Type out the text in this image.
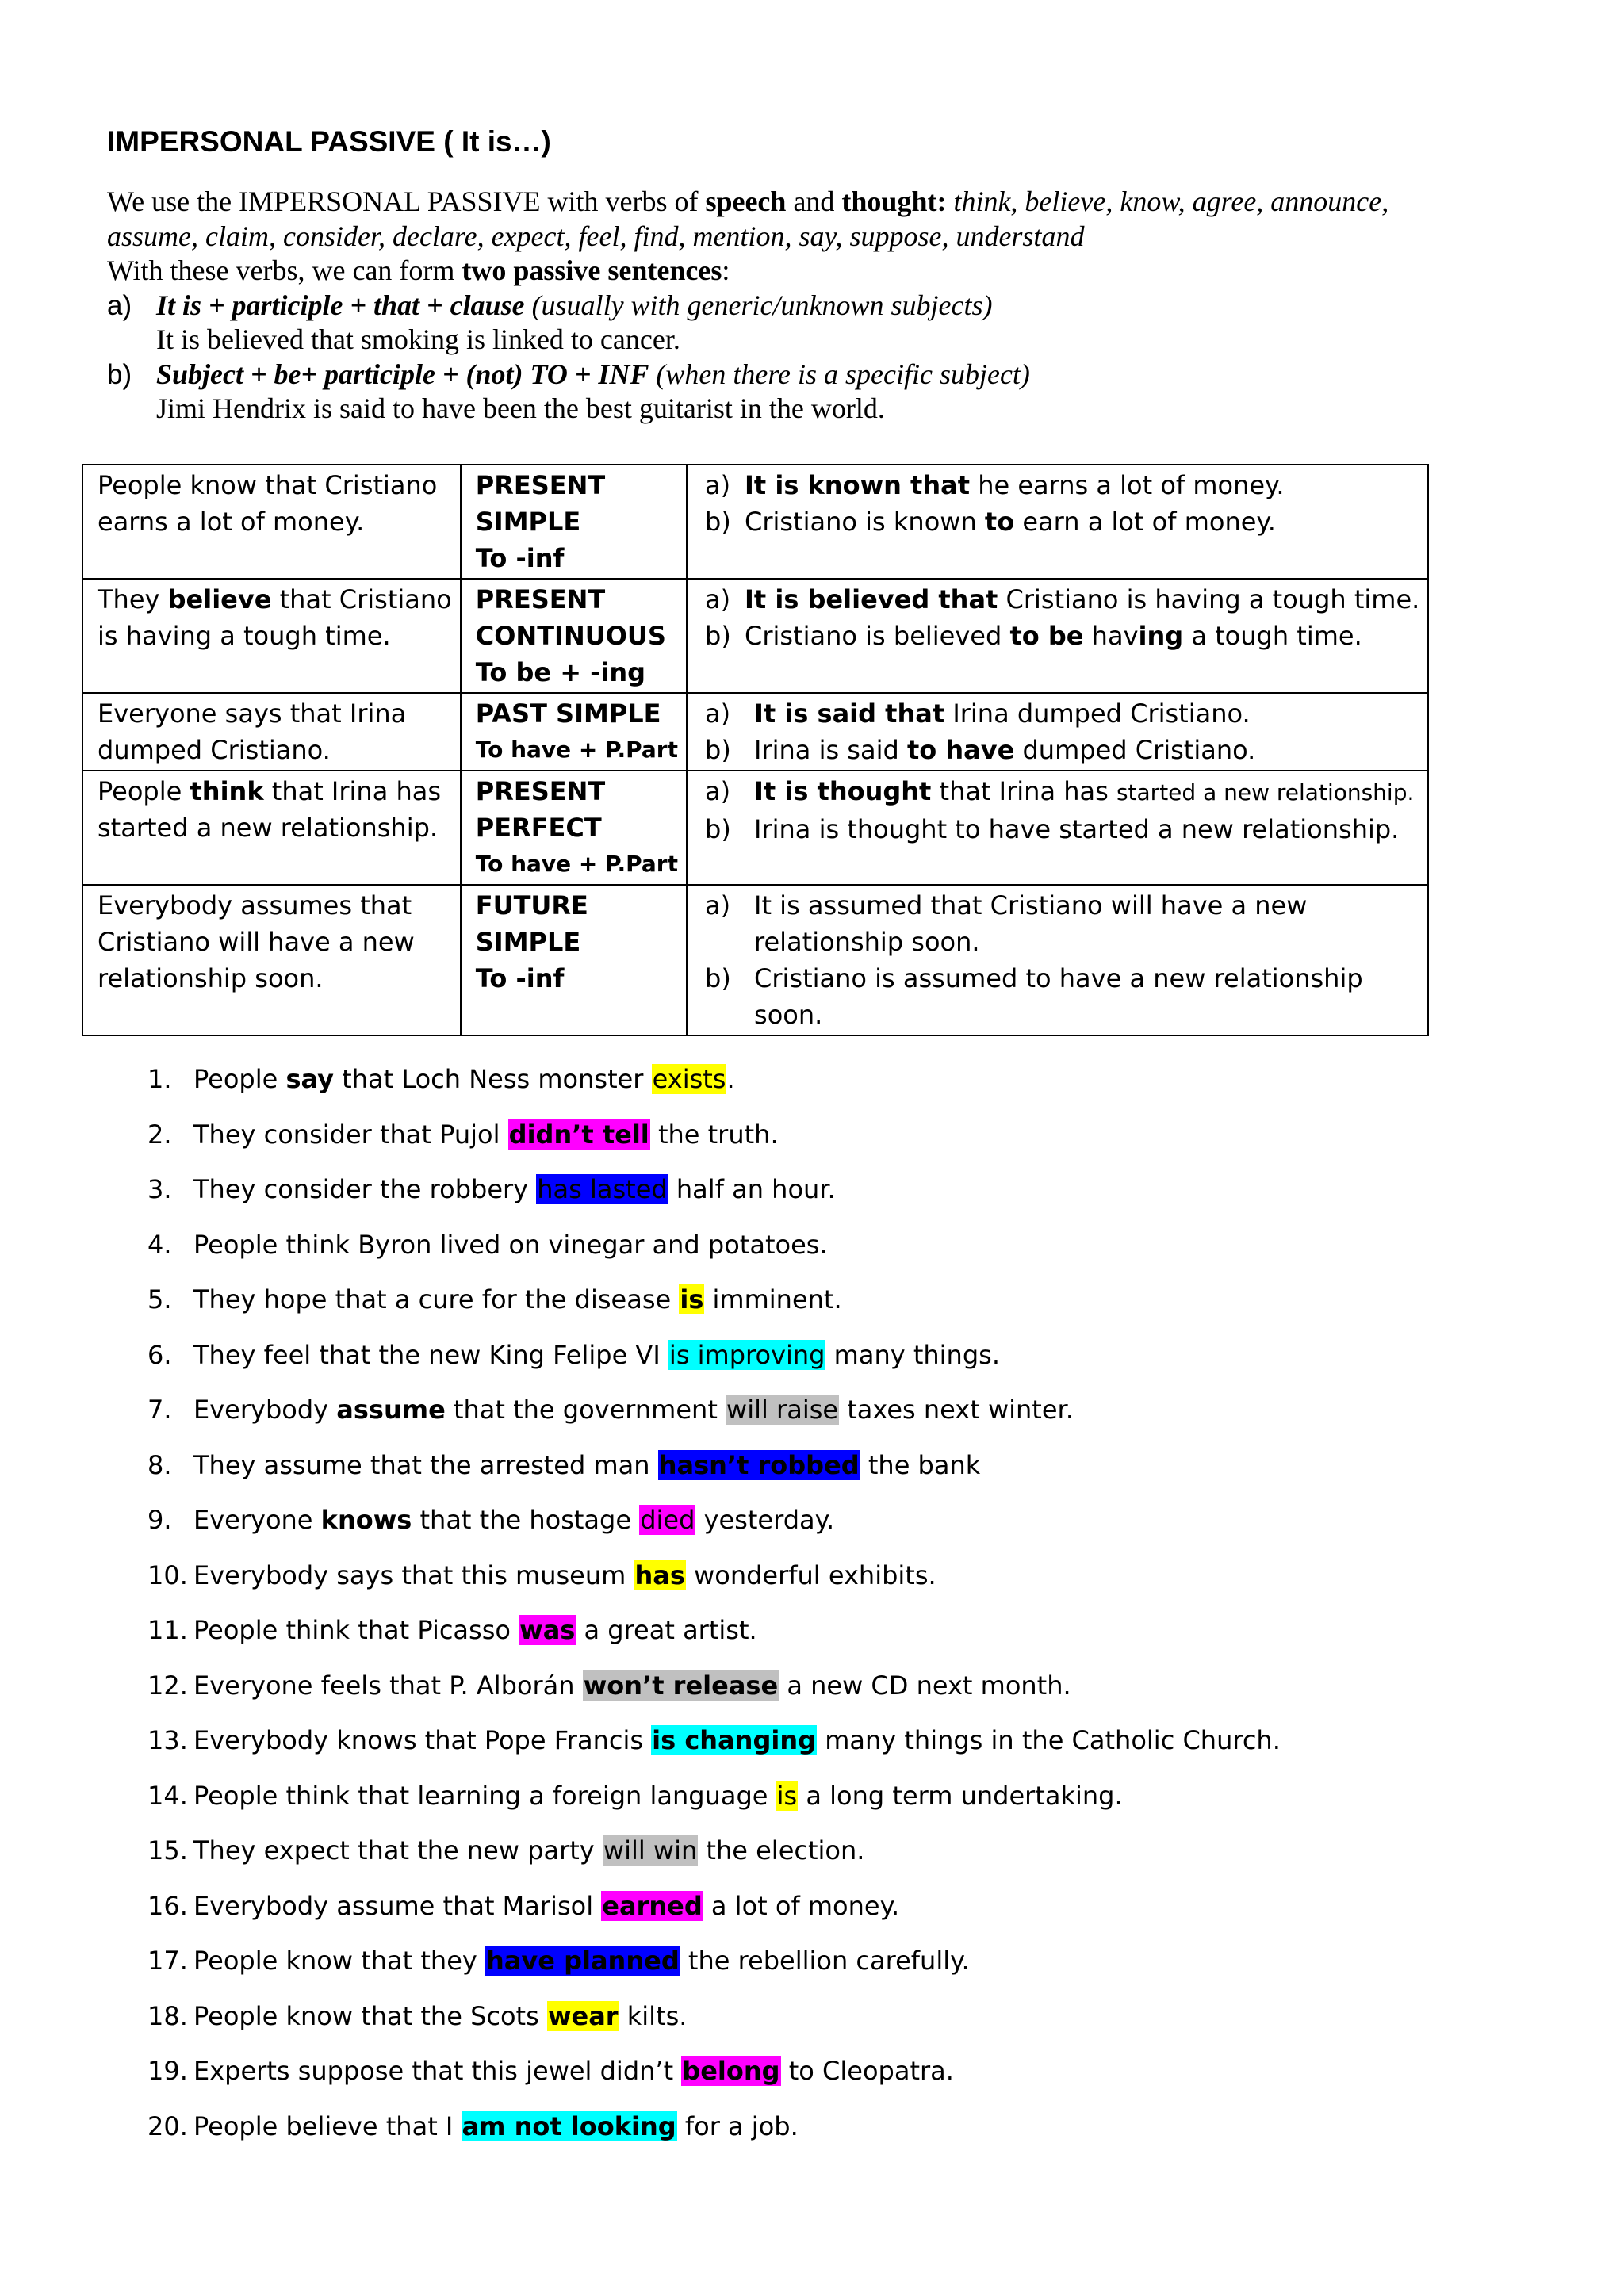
IMPERSONAL PASSIVE ( It is…)
We use the IMPERSONAL PASSIVE with verbs of speech and thought: think, believe, know, agree, announce,
assume, claim, consider, declare, expect, feel, find, mention, say, suppose, understand
With these verbs, we can form two passive sentences:
a) It is + participle + that + clause (usually with generic/unknown subjects)
It is believed that smoking is linked to cancer.
b) Subject + be+ participle + (not) TO + INF (when there is a specific subject)
Jimi Hendrix is said to have been the best guitarist in the world.
People know that Cristiano
earns a lot of money.	PRESENT
SIMPLE
To -inf	a) It is known that he earns a lot of money.
b) Cristiano is known to earn a lot of money.

They believe that Cristiano
is having a tough time.	PRESENT
CONTINUOUS
To be + -ing	a) It is believed that Cristiano is having a tough time.
b) Cristiano is believed to be having a tough time.

Everyone says that Irina
dumped Cristiano.	PAST SIMPLE
To have + P.Part	a) It is said that Irina dumped Cristiano.
b) Irina is said to have dumped Cristiano.

People think that Irina has
started a new relationship.	PRESENT
PERFECT
To have + P.Part	a) It is thought that Irina has started a new relationship.
b) Irina is thought to have started a new relationship.

Everybody assumes that
Cristiano will have a new
relationship soon.	FUTURE
SIMPLE
To -inf	a) It is assumed that Cristiano will have a new
relationship soon.
b) Cristiano is assumed to have a new relationship
soon.
1. People say that Loch Ness monster exists.
2. They consider that Pujol didn’t tell the truth.
3. They consider the robbery has lasted half an hour.
4. People think Byron lived on vinegar and potatoes.
5. They hope that a cure for the disease is imminent.
6. They feel that the new King Felipe VI is improving many things.
7. Everybody assume that the government will raise taxes next winter.
8. They assume that the arrested man hasn’t robbed the bank
9. Everyone knows that the hostage died yesterday.
10. Everybody says that this museum has wonderful exhibits.
11. People think that Picasso was a great artist.
12. Everyone feels that P. Alborán won’t release a new CD next month.
13. Everybody knows that Pope Francis is changing many things in the Catholic Church.
14. People think that learning a foreign language is a long term undertaking.
15. They expect that the new party will win the election.
16. Everybody assume that Marisol earned a lot of money.
17. People know that they have planned the rebellion carefully.
18. People know that the Scots wear kilts.
19. Experts suppose that this jewel didn’t belong to Cleopatra.
20. People believe that I am not looking for a job.
